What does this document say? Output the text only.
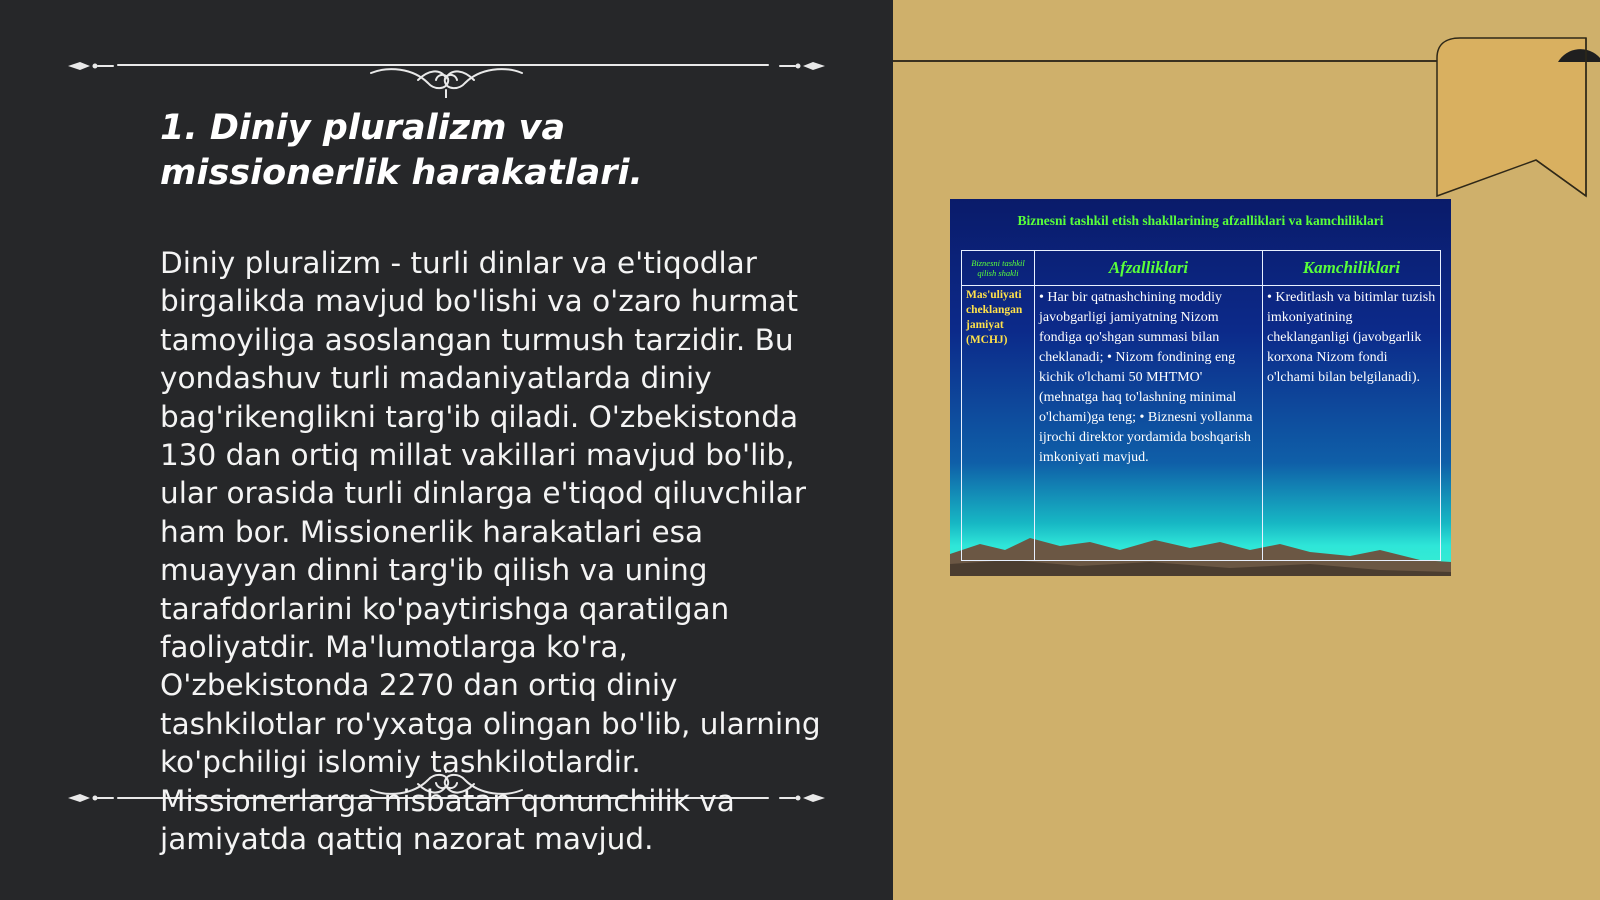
1. Diniy pluralizm va missionerlik harakatlari.

Diniy pluralizm - turli dinlar va e'tiqodlar birgalikda mavjud bo'lishi va o'zaro hurmat tamoyiliga asoslangan turmush tarzidir. Bu yondashuv turli madaniyatlarda diniy bag'rikenglikni targ'ib qiladi. O'zbekistonda 130 dan ortiq millat vakillari mavjud bo'lib, ular orasida turli dinlarga e'tiqod qiluvchilar ham bor. Missionerlik harakatlari esa muayyan dinni targ'ib qilish va uning tarafdorlarini ko'paytirishga qaratilgan faoliyatdir. Ma'lumotlarga ko'ra, O'zbekistonda 2270 dan ortiq diniy tashkilotlar ro'yxatga olingan bo'lib, ularning ko'pchiligi islomiy tashkilotlardir. Missionerlarga nisbatan qonunchilik va jamiyatda qattiq nazorat mavjud.

Biznesni tashkil etish shakllarining afzalliklari va kamchiliklari
Biznesni tashkil qilish shakli	Afzalliklari	Kamchiliklari
Mas'uliyati cheklangan jamiyat (MCHJ)	• Har bir qatnashchining moddiy javobgarligi jamiyatning Nizom fondiga qo'shgan summasi bilan cheklanadi; • Nizom fondining eng kichik o'lchami 50 MHTMO' (mehnatga haq to'lashning minimal o'lchami)ga teng; • Biznesni yollanma ijrochi direktor yordamida boshqarish imkoniyati mavjud.	• Kreditlash va bitimlar tuzish imkoniyatining cheklanganligi (javobgarlik korxona Nizom fondi o'lchami bilan belgilanadi).
